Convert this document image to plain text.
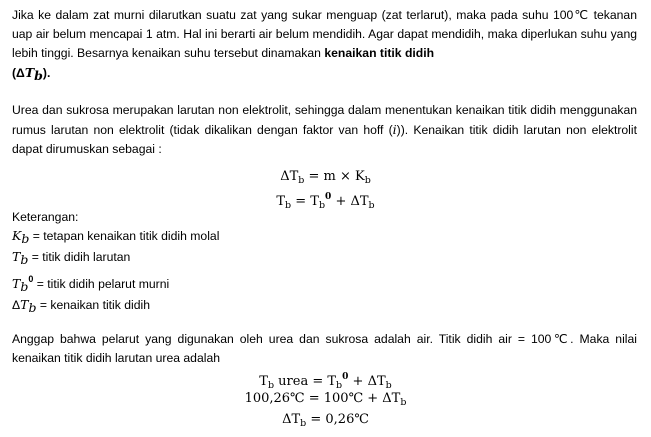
Jika ke dalam zat murni dilarutkan suatu zat yang sukar menguap (zat terlarut), maka pada suhu 100℃ tekanan uap air belum mencapai 1 atm. Hal ini berarti air belum mendidih. Agar dapat mendidih, maka diperlukan suhu yang lebih tinggi. Besarnya kenaikan suhu tersebut dinamakan kenaikan titik didih
(ΔTb).

Urea dan sukrosa merupakan larutan non elektrolit, sehingga dalam menentukan kenaikan titik didih menggunakan rumus larutan non elektrolit (tidak dikalikan dengan faktor van hoff (i)). Kenaikan titik didih larutan non elektrolit dapat dirumuskan sebagai :

$\Delta T_b = m \times K_b$
$T_b = T_b^0 + \Delta T_b$
Keterangan:
Kb = tetapan kenaikan titik didih molal
Tb = titik didih larutan
$Tb^0$ = titik didih pelarut murni
ΔTb = kenaikan titik didih

Anggap bahwa pelarut yang digunakan oleh urea dan sukrosa adalah air. Titik didih air = 100℃. Maka nilai kenaikan titik didih larutan urea adalah

$T_b$ urea = $T_b^0 + \Delta T_b$
100,26℃ = 100℃ + $\Delta T_b$
$\Delta T_b$ = 0,26℃
